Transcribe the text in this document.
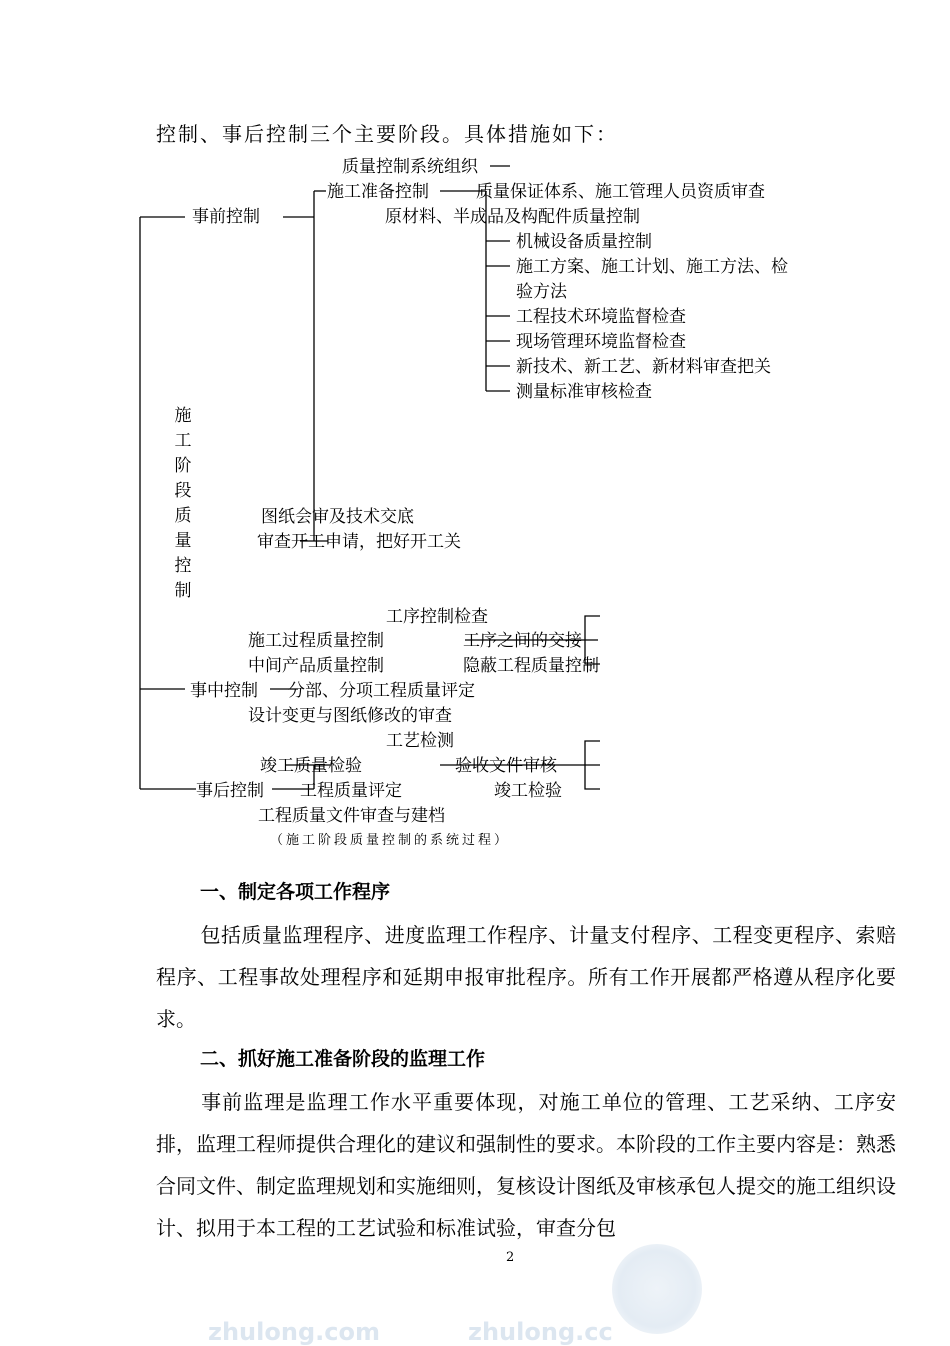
控制、事后控制三个主要阶段。具体措施如下：
质量控制系统组织
施工准备控制	质量保证体系、施工管理人员资质审查
事前控制	原材料、半成品及构配件质量控制
机械设备质量控制
施工方案、施工计划、施工方法、检
验方法
工程技术环境监督检查
现场管理环境监督检查
新技术、新工艺、新材料审查把关
测量标准审核检查
施
工
阶
段
质
量
控
制
图纸会审及技术交底
审查开工申请，把好开工关
工序控制检查
施工过程质量控制	工序之间的交接
中间产品质量控制	隐蔽工程质量控制
事中控制 分部、分项工程质量评定
设计变更与图纸修改的审查
工艺检测
竣工质量检验	验收文件审核
事后控制 工程质量评定	竣工检验
工程质量文件审查与建档
（施工阶段质量控制的系统过程）
一、制定各项工作程序

包括质量监理程序、进度监理工作程序、计量支付程序、工程变更程序、索赔程序、工程事故处理程序和延期申报审批程序。所有工作开展都严格遵从程序化要求。

二、抓好施工准备阶段的监理工作

事前监理是监理工作水平重要体现，对施工单位的管理、工艺采纳、工序安排，监理工程师提供合理化的建议和强制性的要求。本阶段的工作主要内容是：熟悉合同文件、制定监理规划和实施细则，复核设计图纸及审核承包人提交的施工组织设计、拟用于本工程的工艺试验和标准试验，审查分包

2
zhulong.com	zhulong.cc
